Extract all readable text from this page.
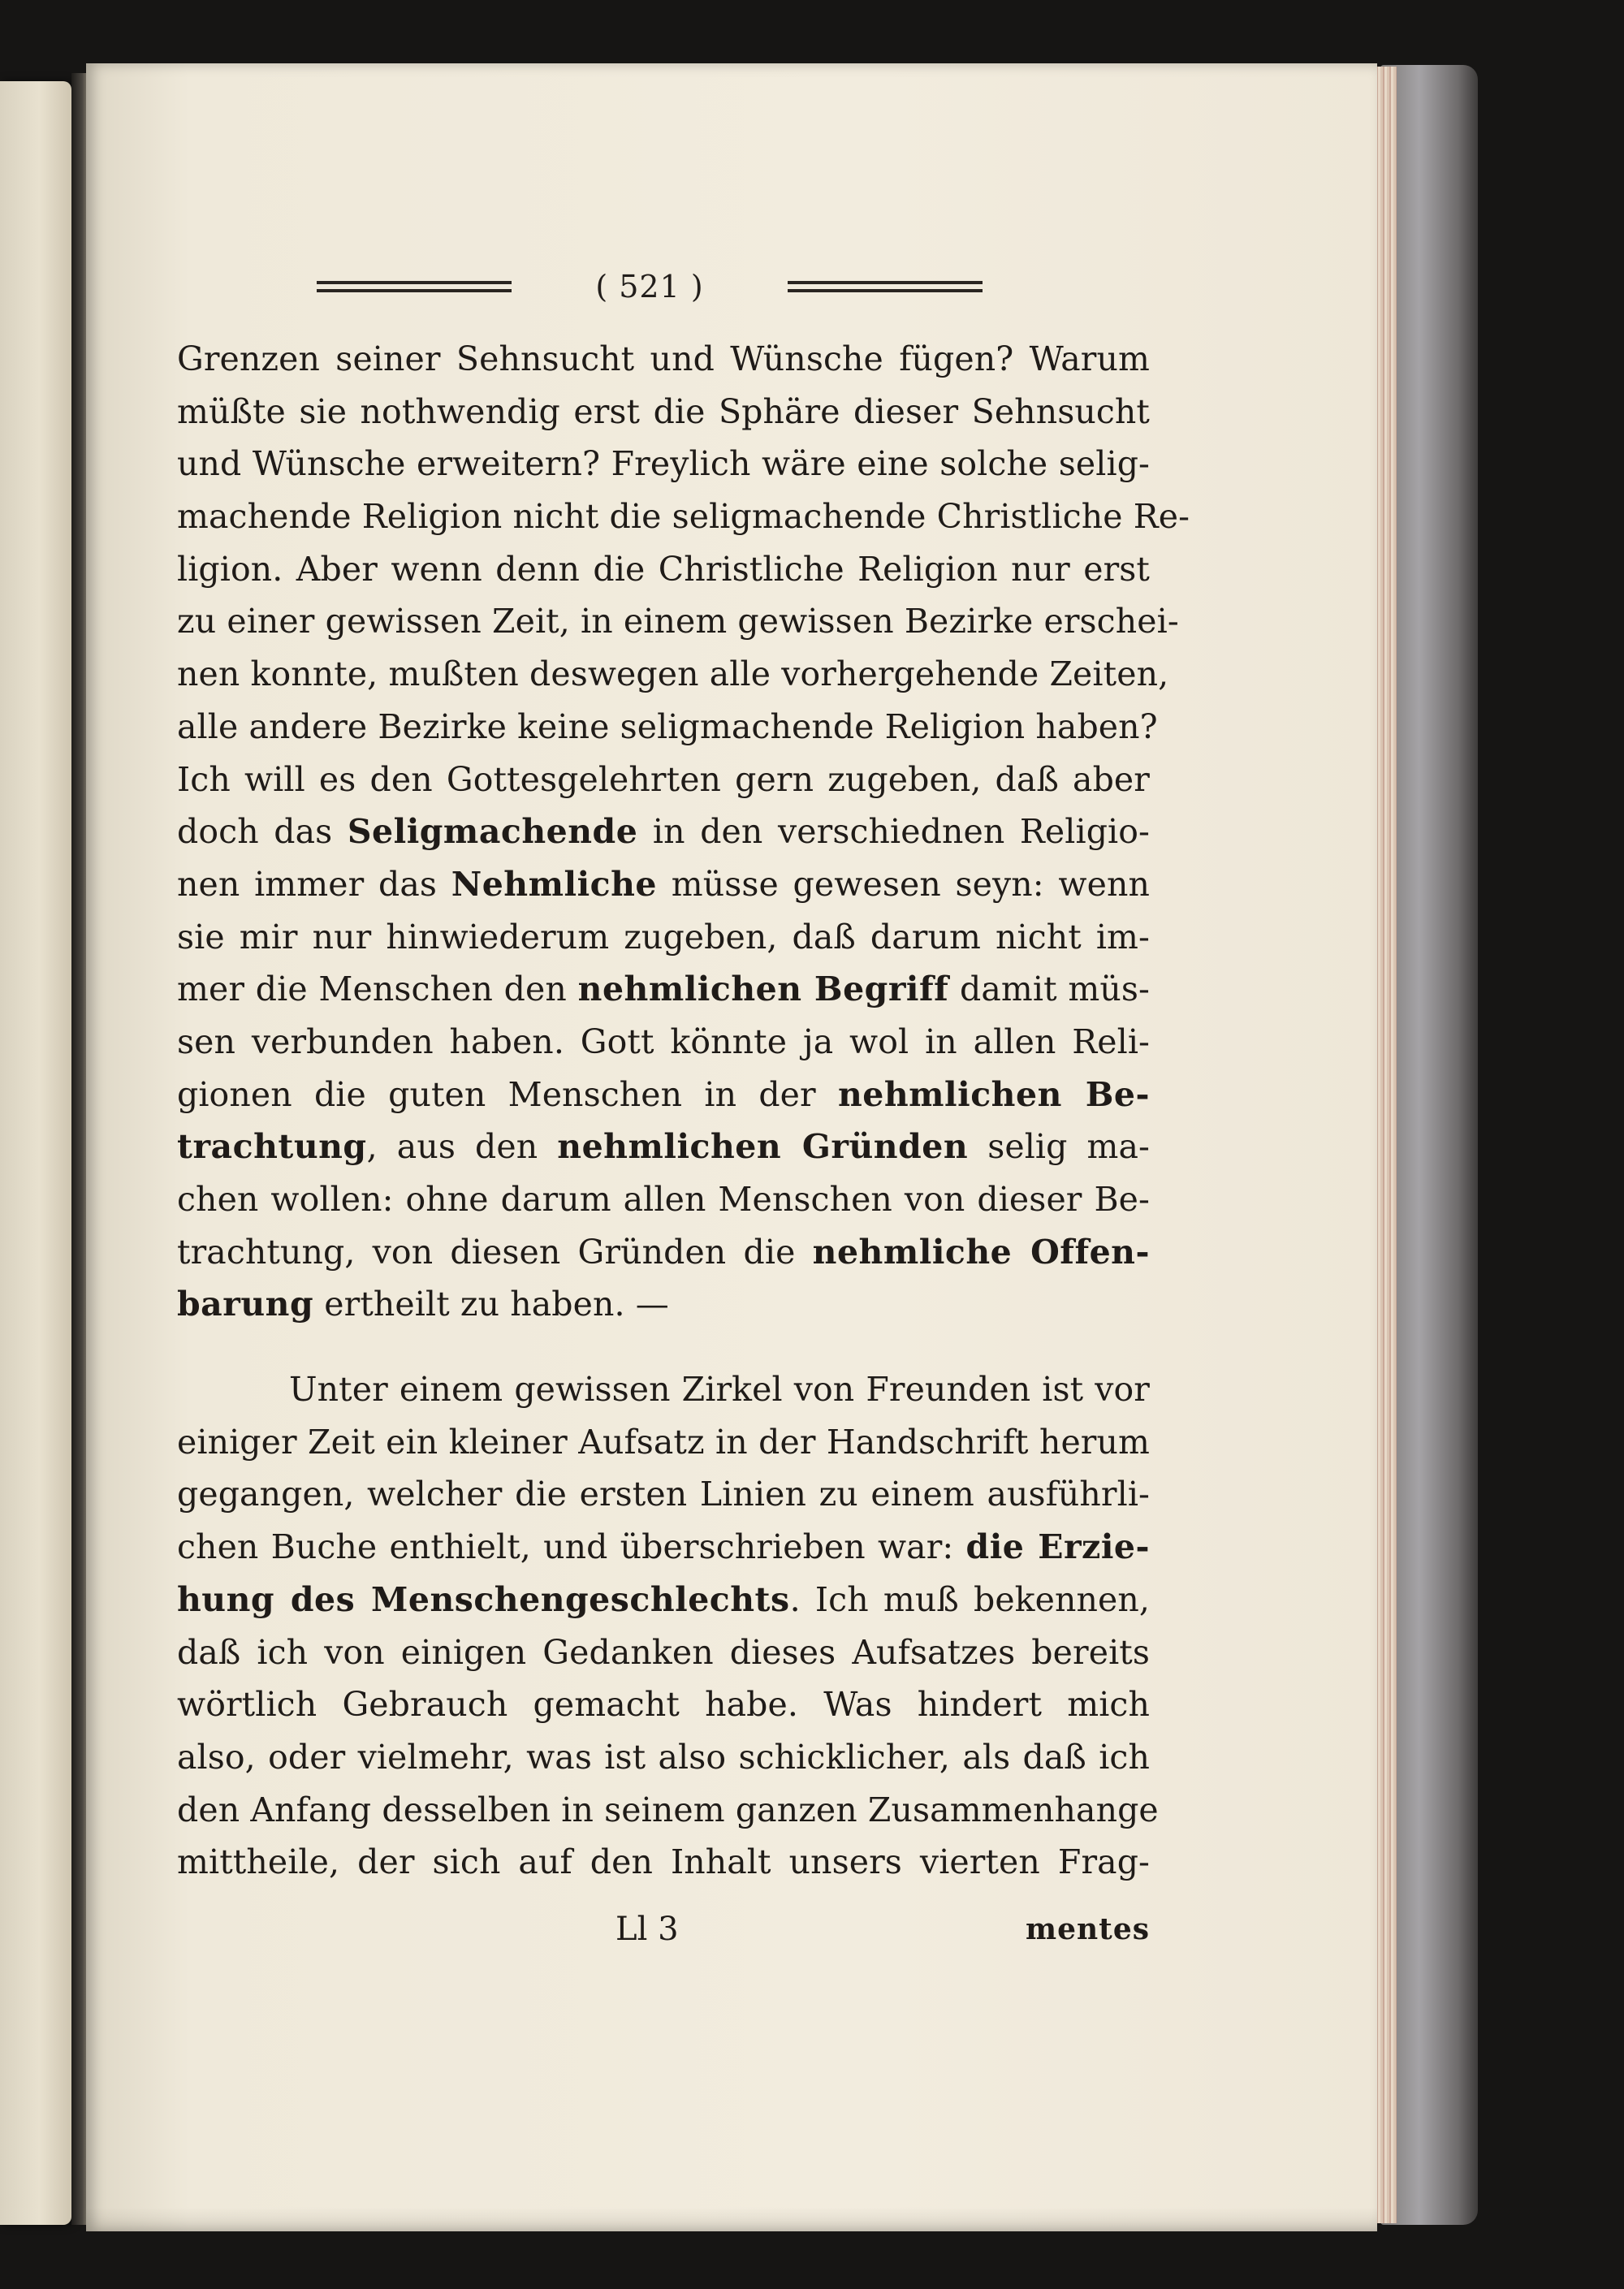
( 521 )
Grenzen seiner Sehnsucht und Wünsche fügen? Warum
müßte sie nothwendig erst die Sphäre dieser Sehnsucht
und Wünsche erweitern? Freylich wäre eine solche selig-
machende Religion nicht die seligmachende Christliche Re-
ligion. Aber wenn denn die Christliche Religion nur erst
zu einer gewissen Zeit, in einem gewissen Bezirke erschei-
nen konnte, mußten deswegen alle vorhergehende Zeiten,
alle andere Bezirke keine seligmachende Religion haben?
Ich will es den Gottesgelehrten gern zugeben, daß aber
doch das Seligmachende in den verschiednen Religio-
nen immer das Nehmliche müsse gewesen seyn: wenn
sie mir nur hinwiederum zugeben, daß darum nicht im-
mer die Menschen den nehmlichen Begriff damit müs-
sen verbunden haben. Gott könnte ja wol in allen Reli-
gionen die guten Menschen in der nehmlichen Be-
trachtung, aus den nehmlichen Gründen selig ma-
chen wollen: ohne darum allen Menschen von dieser Be-
trachtung, von diesen Gründen die nehmliche Offen-
barung ertheilt zu haben. —
Unter einem gewissen Zirkel von Freunden ist vor
einiger Zeit ein kleiner Aufsatz in der Handschrift herum
gegangen, welcher die ersten Linien zu einem ausführli-
chen Buche enthielt, und überschrieben war: die Erzie-
hung des Menschengeschlechts. Ich muß bekennen,
daß ich von einigen Gedanken dieses Aufsatzes bereits
wörtlich Gebrauch gemacht habe. Was hindert mich
also, oder vielmehr, was ist also schicklicher, als daß ich
den Anfang desselben in seinem ganzen Zusammenhange
mittheile, der sich auf den Inhalt unsers vierten Frag-
Ll 3	mentes
